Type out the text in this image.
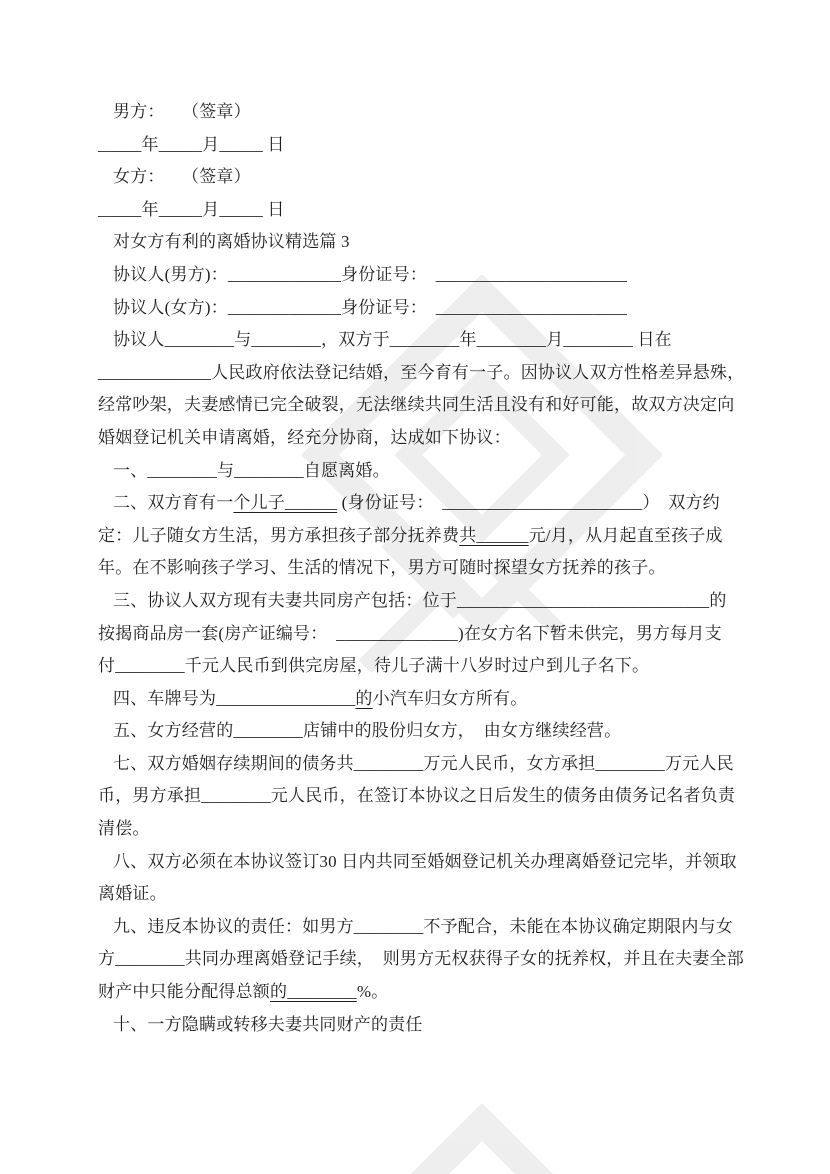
男方：　　（签章）
_____年_____月_____ 日
女方：　　（签章）
_____年_____月_____ 日
对女方有利的离婚协议精选篇 3
协议人(男方)：_____________身份证号：　______________________
协议人(女方)：_____________身份证号：　______________________
协议人________与________，双方于________年________月________ 日在
_____________人民政府依法登记结婚，至今育有一子。因协议人双方性格差异悬殊，
经常吵架，夫妻感情已完全破裂，无法继续共同生活且没有和好可能，故双方决定向
婚姻登记机关申请离婚，经充分协商，达成如下协议：
一、________与________自愿离婚。
二、双方育有一个儿子______ (身份证号：　_______________________）　双方约
定：儿子随女方生活，男方承担孩子部分抚养费共______元/月，从月起直至孩子成
年。在不影响孩子学习、生活的情况下，男方可随时探望女方抚养的孩子。
三、协议人双方现有夫妻共同房产包括：位于_____________________________的
按揭商品房一套(房产证编号：　______________)在女方名下暂未供完，男方每月支
付________千元人民币到供完房屋，待儿子满十八岁时过户到儿子名下。
四、车牌号为________________的小汽车归女方所有。
五、女方经营的________店铺中的股份归女方，　由女方继续经营。
七、双方婚姻存续期间的债务共________万元人民币，女方承担________万元人民
币，男方承担________元人民币，在签订本协议之日后发生的债务由债务记名者负责
清偿。
八、双方必须在本协议签订30 日内共同至婚姻登记机关办理离婚登记完毕，并领取
离婚证。
九、违反本协议的责任：如男方________不予配合，未能在本协议确定期限内与女
方________共同办理离婚登记手续，　则男方无权获得子女的抚养权，并且在夫妻全部
财产中只能分配得总额的________%。
十、一方隐瞒或转移夫妻共同财产的责任
